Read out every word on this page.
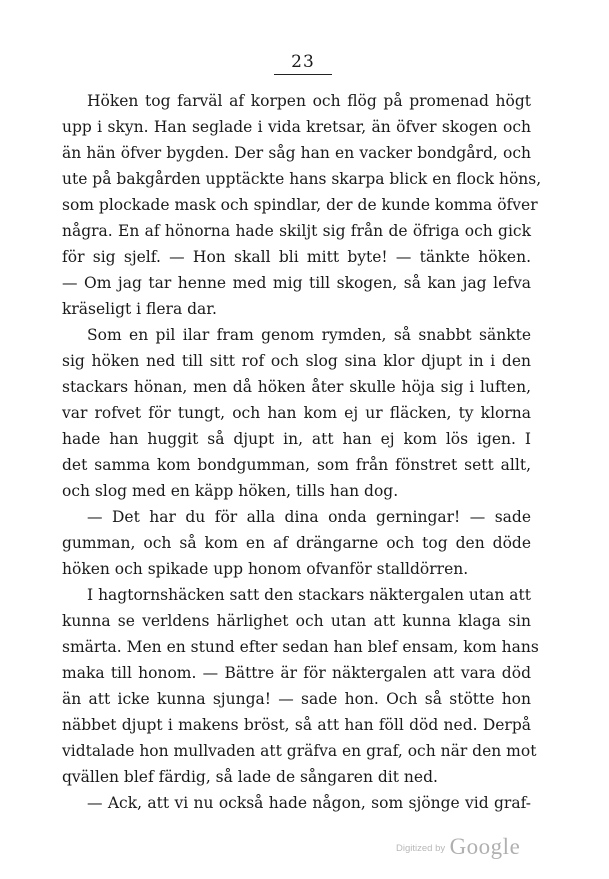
23
Höken tog farväl af korpen och flög på promenad högt
upp i skyn. Han seglade i vida kretsar, än öfver skogen och
än hän öfver bygden. Der såg han en vacker bondgård, och
ute på bakgården upptäckte hans skarpa blick en flock höns,
som plockade mask och spindlar, der de kunde komma öfver
några. En af hönorna hade skiljt sig från de öfriga och gick
för sig sjelf. — Hon skall bli mitt byte! — tänkte höken.
— Om jag tar henne med mig till skogen, så kan jag lefva
kräseligt i flera dar.
Som en pil ilar fram genom rymden, så snabbt sänkte
sig höken ned till sitt rof och slog sina klor djupt in i den
stackars hönan, men då höken åter skulle höja sig i luften,
var rofvet för tungt, och han kom ej ur fläcken, ty klorna
hade han huggit så djupt in, att han ej kom lös igen. I
det samma kom bondgumman, som från fönstret sett allt,
och slog med en käpp höken, tills han dog.
— Det har du för alla dina onda gerningar! — sade
gumman, och så kom en af drängarne och tog den döde
höken och spikade upp honom ofvanför stalldörren.
I hagtornshäcken satt den stackars näktergalen utan att
kunna se verldens härlighet och utan att kunna klaga sin
smärta. Men en stund efter sedan han blef ensam, kom hans
maka till honom. — Bättre är för näktergalen att vara död
än att icke kunna sjunga! — sade hon. Och så stötte hon
näbbet djupt i makens bröst, så att han föll död ned. Derpå
vidtalade hon mullvaden att gräfva en graf, och när den mot
qvällen blef färdig, så lade de sångaren dit ned.
— Ack, att vi nu också hade någon, som sjönge vid graf-
Digitized by Google
